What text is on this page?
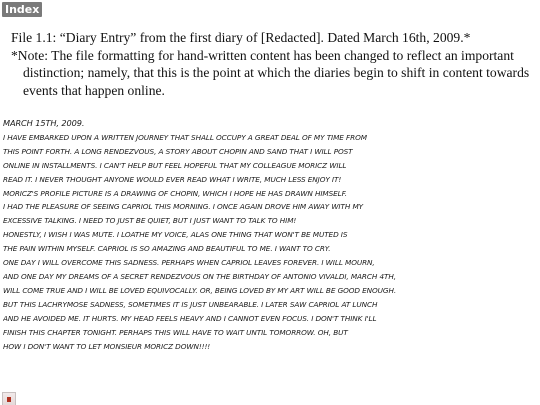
Index

File 1.1: “Diary Entry” from the first diary of [Redacted]. Dated March 16th, 2009.*

*Note: The file formatting for hand-written content has been changed to reflect an important distinction; namely, that this is the point at which the diaries begin to shift in content towards events that happen online.

MARCH 15TH, 2009.
I HAVE EMBARKED UPON A WRITTEN JOURNEY THAT SHALL OCCUPY A GREAT DEAL OF MY TIME FROM
THIS POINT FORTH. A LONG RENDEZVOUS, A STORY ABOUT CHOPIN AND SAND THAT I WILL POST
ONLINE IN INSTALLMENTS. I CAN'T HELP BUT FEEL HOPEFUL THAT MY COLLEAGUE MORICZ WILL
READ IT. I NEVER THOUGHT ANYONE WOULD EVER READ WHAT I WRITE, MUCH LESS ENJOY IT!
MORICZ'S PROFILE PICTURE IS A DRAWING OF CHOPIN, WHICH I HOPE HE HAS DRAWN HIMSELF.
I HAD THE PLEASURE OF SEEING CAPRIOL THIS MORNING. I ONCE AGAIN DROVE HIM AWAY WITH MY
EXCESSIVE TALKING. I NEED TO JUST BE QUIET, BUT I JUST WANT TO TALK TO HIM!
HONESTLY, I WISH I WAS MUTE. I LOATHE MY VOICE, ALAS ONE THING THAT WON'T BE MUTED IS
THE PAIN WITHIN MYSELF. CAPRIOL IS SO AMAZING AND BEAUTIFUL TO ME. I WANT TO CRY.
ONE DAY I WILL OVERCOME THIS SADNESS. PERHAPS WHEN CAPRIOL LEAVES FOREVER. I WILL MOURN,
AND ONE DAY MY DREAMS OF A SECRET RENDEZVOUS ON THE BIRTHDAY OF ANTONIO VIVALDI, MARCH 4TH,
WILL COME TRUE AND I WILL BE LOVED EQUIVOCALLY. OR, BEING LOVED BY MY ART WILL BE GOOD ENOUGH.
BUT THIS LACHRYMOSE SADNESS, SOMETIMES IT IS JUST UNBEARABLE. I LATER SAW CAPRIOL AT LUNCH
AND HE AVOIDED ME. IT HURTS. MY HEAD FEELS HEAVY AND I CANNOT EVEN FOCUS. I DON'T THINK I'LL
FINISH THIS CHAPTER TONIGHT. PERHAPS THIS WILL HAVE TO WAIT UNTIL TOMORROW. OH, BUT
HOW I DON'T WANT TO LET MONSIEUR MORICZ DOWN!!!!
